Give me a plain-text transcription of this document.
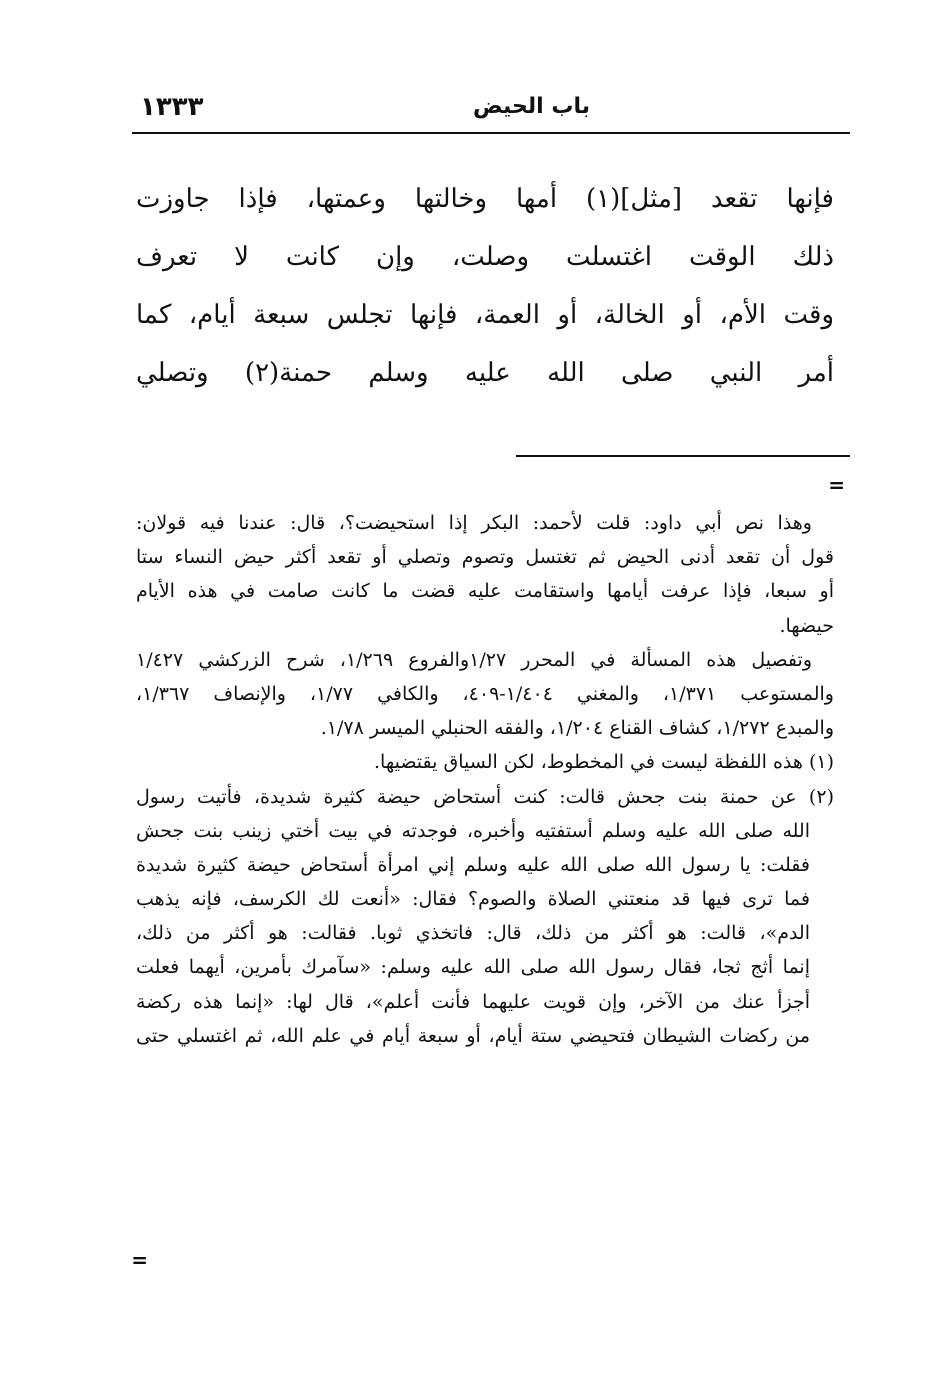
١٣٣٣	باب الحيض
فإنها تقعد [مثل](١) أمها وخالتها وعمتها، فإذا جاوزت
ذلك الوقت اغتسلت وصلت، وإن كانت لا تعرف
وقت الأم، أو الخالة، أو العمة، فإنها تجلس سبعة أيام، كما
أمر النبي صلى الله عليه وسلم حمنة(٢) وتصلي
=
وهذا نص أبي داود: قلت لأحمد: البكر إذا استحيضت؟، قال: عندنا فيه قولان:
قول أن تقعد أدنى الحيض ثم تغتسل وتصوم وتصلي أو تقعد أكثر حيض النساء ستا
أو سبعا، فإذا عرفت أيامها واستقامت عليه قضت ما كانت صامت في هذه الأيام
حيضها.
وتفصيل هذه المسألة في المحرر ١/٢٧والفروع ١/٢٦٩، شرح الزركشي ١/٤٢٧
والمستوعب ١/٣٧١، والمغني ١/٤٠٤-٤٠٩، والكافي ١/٧٧، والإنصاف ١/٣٦٧،
والمبدع ١/٢٧٢، كشاف القناع ١/٢٠٤، والفقه الحنبلي الميسر ١/٧٨.
(١) هذه اللفظة ليست في المخطوط، لكن السياق يقتضيها.
(٢) عن حمنة بنت جحش قالت: كنت أستحاض حيضة كثيرة شديدة، فأتيت رسول
الله صلى الله عليه وسلم أستفتيه وأخبره، فوجدته في بيت أختي زينب بنت جحش
فقلت: يا رسول الله صلى الله عليه وسلم إني امرأة أستحاض حيضة كثيرة شديدة
فما ترى فيها قد منعتني الصلاة والصوم؟ فقال: «أنعت لك الكرسف، فإنه يذهب
الدم»، قالت: هو أكثر من ذلك، قال: فاتخذي ثوبا. فقالت: هو أكثر من ذلك،
إنما أثج ثجا، فقال رسول الله صلى الله عليه وسلم: «سآمرك بأمرين، أيهما فعلت
أجزأ عنك من الآخر، وإن قويت عليهما فأنت أعلم»، قال لها: «إنما هذه ركضة
من ركضات الشيطان فتحيضي ستة أيام، أو سبعة أيام في علم الله، ثم اغتسلي حتى
=
